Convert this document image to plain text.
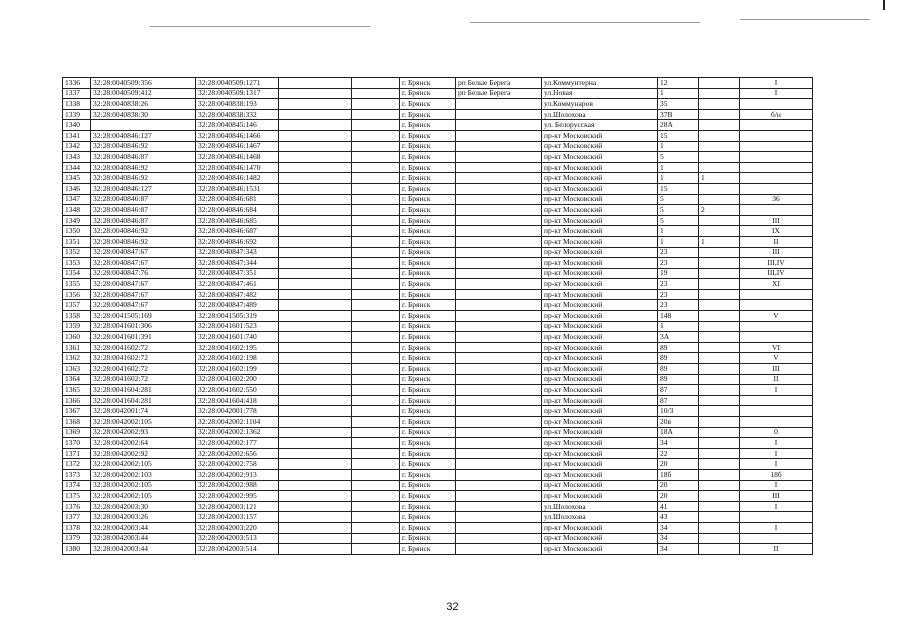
1336	32:28:0040509:356	32:28:0040509:1271			г. Брянск	рп Белые Берега	ул.Коммунтерна	12		I
1337	32:28:0040509:412	32:28:0040509:1317			г. Брянск	рп Белые Берега	ул.Новая	1		I
1338	32:28:0040838:26	32:28:0040838:193			г. Брянск		ул.Коммунаров	35		
1339	32:28:0040838:30	32:28:0040838:332			г. Брянск		ул.Шолохова	37В		б/н
1340		32:28:0040845:146			г. Брянск		ул. Белорусская	28А		
1341	32:28:0040846:127	32:28:0040846:1466			г. Брянск		пр-кт Московский	15		
1342	32:28:0040846:92	32:28:0040846:1467			г. Брянск		пр-кт Московский	1		
1343	32:28:0040846:87	32:28:0040846:1468			г. Брянск		пр-кт Московский	5		
1344	32:28:0040846:92	32:28:0040846:1470			г. Брянск		пр-кт Московский	1		
1345	32:28:0040846:92	32:28:0040846:1482			г. Брянск		пр-кт Московский	1	1	
1346	32:28:0040846:127	32:28:0040846:1531			г. Брянск		пр-кт Московский	15		
1347	32:28:0040846:87	32:28:0040846:681			г. Брянск		пр-кт Московский	5		36
1348	32:28:0040846:87	32:28:0040846:684			г. Брянск		пр-кт Московский	5	2	
1349	32:28:0040846:87	32:28:0040846:685			г. Брянск		пр-кт Московский	5		III
1350	32:28:0040846:92	32:28:0040846:687			г. Брянск		пр-кт Московский	1		IX
1351	32:28:0040846:92	32:28:0040846:692			г. Брянск		пр-кт Московский	1	1	II
1352	32:28:0040847:67	32:28:0040847:343			г. Брянск		пр-кт Московский	23		III
1353	32:28:0040847:67	32:28:0040847:344			г. Брянск		пр-кт Московский	23		III,IV
1354	32:28:0040847:76	32:28:0040847:351			г. Брянск		пр-кт Московский	19		III,IV
1355	32:28:0040847:67	32:28:0040847:461			г. Брянск		пр-кт Московский	23		XI
1356	32:28:0040847:67	32:28:0040847:482			г. Брянск		пр-кт Московский	23		
1357	32:28:0040847:67	32:28:0040847:489			г. Брянск		пр-кт Московский	23		
1358	32:28:0041505:169	32:28:0041505:319			г. Брянск		пр-кт Московский	148		V
1359	32:28:0041601:306	32:28:0041601:523			г. Брянск		пр-кт Московский	1		
1360	32:28:0041601:391	32:28:0041601:740			г. Брянск		пр-кт Московский	3А		
1361	32:28:0041602:72	32:28:0041602:195			г. Брянск		пр-кт Московский	89		VI
1362	32:28:0041602:72	32:28:0041602:198			г. Брянск		пр-кт Московский	89		V
1363	32:28:0041602:72	32:28:0041602:199			г. Брянск		пр-кт Московский	89		III
1364	32:28:0041602:72	32:28:0041602:200			г. Брянск		пр-кт Московский	89		II
1365	32:28:0041604:281	32:28:0041602:550			г. Брянск		пр-кт Московский	87		I
1366	32:28:0041604:281	32:28:0041604:418			г. Брянск		пр-кт Московский	87		
1367	32:28:0042001:74	32:28:0042001:778			г. Брянск		пр-кт Московский	10/3		
1368	32:28:0042002:105	32:28:0042002:1104			г. Брянск		пр-кт Московский	20в		
1369	32:28:0042002:93	32:28:0042002:1362			г. Брянск		пр-кт Московский	18А		0
1370	32:28:0042002:64	32:28:0042002:177			г. Брянск		пр-кт Московский	34		I
1371	32:28:0042002:92	32:28:0042002:656			г. Брянск		пр-кт Московский	22		I
1372	32:28:0042002:105	32:28:0042002:758			г. Брянск		пр-кт Московский	20		I
1373	32:28:0042002:103	32:28:0042002:913			г. Брянск		пр-кт Московский	18б		18б
1374	32:28:0042002:105	32:28:0042002:988			г. Брянск		пр-кт Московский	20		I
1375	32:28:0042002:105	32:28:0042002:995			г. Брянск		пр-кт Московский	20		III
1376	32:28:0042003:30	32:28:0042003:121			г. Брянск		ул.Шолохова	41		I
1377	32:28:0042003:26	32:28:0042003:157			г. Брянск		ул.Шолохова	43		
1378	32:28:0042003:44	32:28:0042003:220			г. Брянск		пр-кт Московский	34		I
1379	32:28:0042003:44	32:28:0042003:513			г. Брянск		пр-кт Московский	34		
1380	32:28:0042003:44	32:28:0042003:514			г. Брянск		пр-кт Московский	34		II
32
